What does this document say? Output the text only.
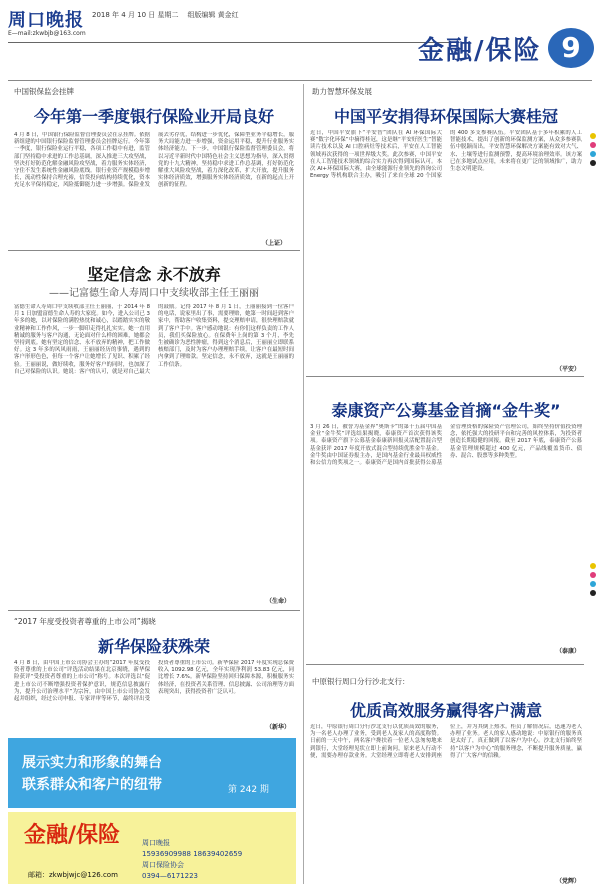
周口晚报 2018 年 4 月 10 日 星期二 组版编辑 黄金红
E—mail:zkwbjb@163.com
金融/保险 9
中国银保监会挂牌
今年第一季度银行保险业开局良好
4 月 8 日，中国银行保险监督管理委员会在京挂牌。依据新组建的中国银行保险监督管理委员会挂牌运行。今年第一季度，银行保险业运行平稳，各项工作稳中有进，监管部门坚持稳中求进的工作总基调，深入推进三大攻坚战，坚决打好防范化解金融风险攻坚战，着力服务实体经济，守住不发生系统性金融风险底线。银行业资产规模稳步增长，流动性保持合理充裕，信贷投向结构持续优化，资本充足水平保持稳定，风险抵御能力进一步增强。保险业发展去劣存优，结构进一步优化，保障型业务平稳增长，服务大局能力进一步增强，资金运用平稳，提升行业服务实体经济能力。下一步，中国银行保险监督管理委员会，将以习近平新时代中国特色社会主义思想为指导，深入贯彻党的十九大精神，坚持稳中求进工作总基调，打好防范化解重大风险攻坚战，着力深化改革，扩大开放，提升服务实体经济质效，增强服务实体经济质效，在新的起点上开创新的征程。
（上证）
坚定信念 永不放弃
——记富德生命人寿周口中支续收部主任王丽丽
富德生命人寿周口中支续收部主任王丽丽，于 2014 年 8 月 1 日加盟富德生命人寿的大家庭。如今，进入公司已 3 年多的她，以对保险的满腔热忱和诚心，以踏踏实实的敬业精神和工作作风，一步一脚印走得扎扎实实。她一直用精诚的服务与客户沟通，无论面对什么样的困难，她都会坚持到底。她有坚定的信念、永不放弃的精神，把工作做好。这 3 年多的风风雨雨，王丽丽经历的事情，遇到的客户形形色色，但每一个客户让她增长了见识、积累了经验。王丽丽说，做好续收，服务好客户的同时，也加深了自己对保险的认识。她说：客户的认可，就是对自己最大的鼓励。记得 2017 年 8 月 1 日，王丽丽接到一位客户的电话，说家里出了事，需要理赔，她第一时间赶到客户家中，帮助客户收集资料，提交理赔申请，很快理赔款就到了客户手中。客户感动地说：有你们这样负责的工作人员，我们买保险放心。在保费年上岗的第 3 个月，李先生被确诊为恶性肿瘤，得到这个消息后，王丽丽立即联系核赔部门，及时为客户办理理赔手续，让客户在最短时间内拿到了理赔款。坚定信念，永不放弃，这就是王丽丽的工作信条。
（生命）
“2017 年度受投资者尊重的上市公司”揭晓
新华保险获殊荣
4 月 8 日，由中国上市公司协会主办的“2017 年度受投资者尊重的上市公司”评选活动结果在北京揭晓，新华保险获评“受投资者尊重的上市公司”称号。本次评选以“促进上市公司不断增强投资者保护意识，规范信息披露行为，提升公司治理水平”为宗旨，由中国上市公司协会发起并组织，经过公司申报、专家评审等环节，最终评出受投资者尊重的上市公司。新华保险 2017 年度实现总保费收入 1092.98 亿元，全年实现净利润 53.83 亿元，同比增长 7.6%。新华保险坚持回归保障本源，积极服务实体经济，在投资者关系管理、信息披露、公司治理等方面表现突出，获得投资者广泛认可。
（新华）
展示实力和形象的舞台
联系群众和客户的纽带	第 242 期
金融/保险
邮箱：zkwbjwjc@126.com
周口晚报
15936909988 18639402659
周口保险协会
0394—6171223
助力智慧环保发展
中国平安捐得环保国际大赛桂冠
近日，中国平安旗下“平安智”团队在 AI 环保国际大赛“数字化环保”中摘得桂冠，这是继“平安好医生”智能读片技术以及 AI 口腔病灶等技术后，平安在人工智能领域再次获得的一项世界级大奖。此次参赛，中国平安在人工智能技术领域的综合实力再次得到国际认可。本次 AI+环保国际大赛，由全球能源行业领先的咨询公司 Energy 等机构联合主办，吸引了来自全球 20 个国家的 400 多支参赛队伍。平安团队基于多年积累的人工智能技术，提出了创新的环保监测方案，从众多参赛队伍中脱颖而出。平安智慧环保解决方案能有效对大气、水、土壤等进行监测预警，提高环境治理效率。该方案已在多地试点应用，未来将在更广泛的领域推广，助力生态文明建设。
（平安）
泰康资产公募基金首摘“金牛奖”
3 月 26 日，被誉为基金界“奥斯卡”的第十五届中国基金业“金牛奖”评选结果揭晓，泰康资产首次获得该奖项。泰康资产旗下公募基金泰康新回报灵活配置混合型基金获评 2017 年度开放式混合型持续优胜金牛基金。金牛奖由中国证券报主办，是国内基金行业最具权威性和公信力的奖项之一。泰康资产是国内首批获得公募基金管理资格的保险资产管理公司，始终坚持价值投资理念，依托强大的投研平台和完善的风控体系，为投资者创造长期稳健的回报。截至 2017 年底，泰康资产公募基金管理规模超过 400 亿元，产品线覆盖货币、债券、混合、股票等多种类型。
（泰康）
中原银行周口分行沙北支行：
优质高效服务赢得客户满意
近日，中原银行周口分行沙北支行以优质高效的服务，为一名老人办理了业务，受到老人及家人的高度称赞。日前的一天中午，两名客户搀扶着一位老人急匆匆地来到银行，大堂经理见状立即上前询问，原来老人行动不便，需要办理存款业务。大堂经理立即将老人安排到座位上，并为其倒上热水。柜员了解情况后，迅速为老人办理了业务。老人的家人感动地说：中原银行的服务真是太好了，真正做到了以客户为中心。沙北支行始终坚持“以客户为中心”的服务理念，不断提升服务质量，赢得了广大客户的信赖。
（党辉）
